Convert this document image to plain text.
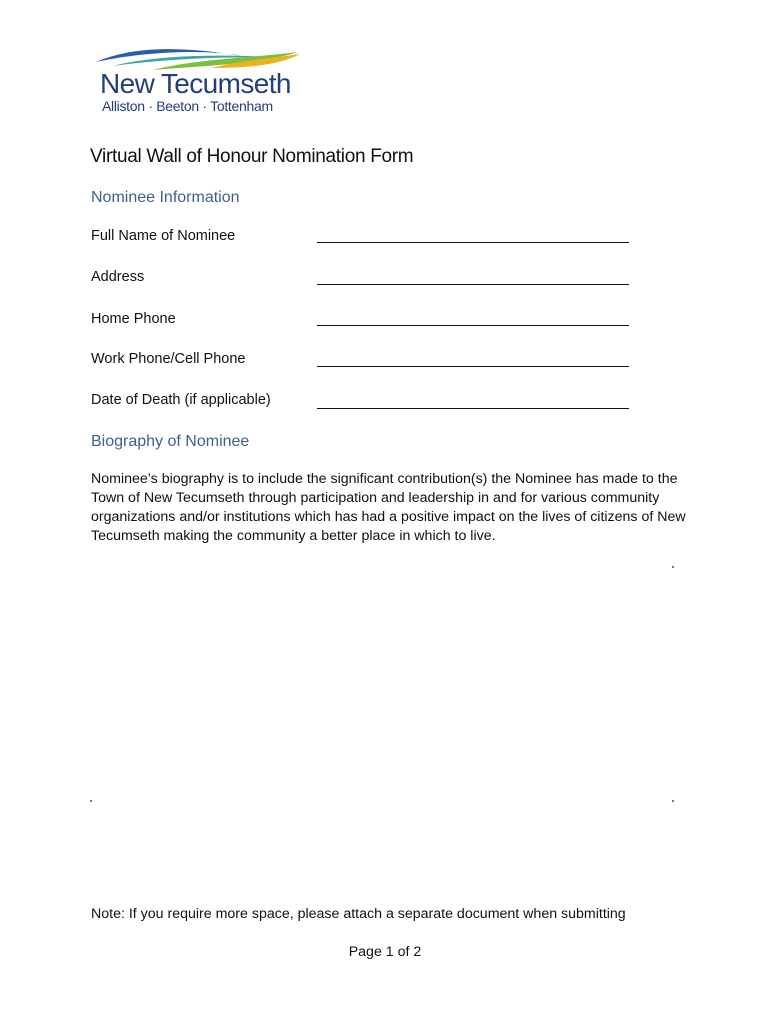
New Tecumseth
Alliston · Beeton · Tottenham
Virtual Wall of Honour Nomination Form
Nominee Information
Full Name of Nominee
Address
Home Phone
Work Phone/Cell Phone
Date of Death (if applicable)
Biography of Nominee
Nominee’s biography is to include the significant contribution(s) the Nominee has made to the Town of New Tecumseth through participation and leadership in and for various community organizations and/or institutions which has had a positive impact on the lives of citizens of New Tecumseth making the community a better place in which to live.
Note: If you require more space, please attach a separate document when submitting
Page 1 of 2
